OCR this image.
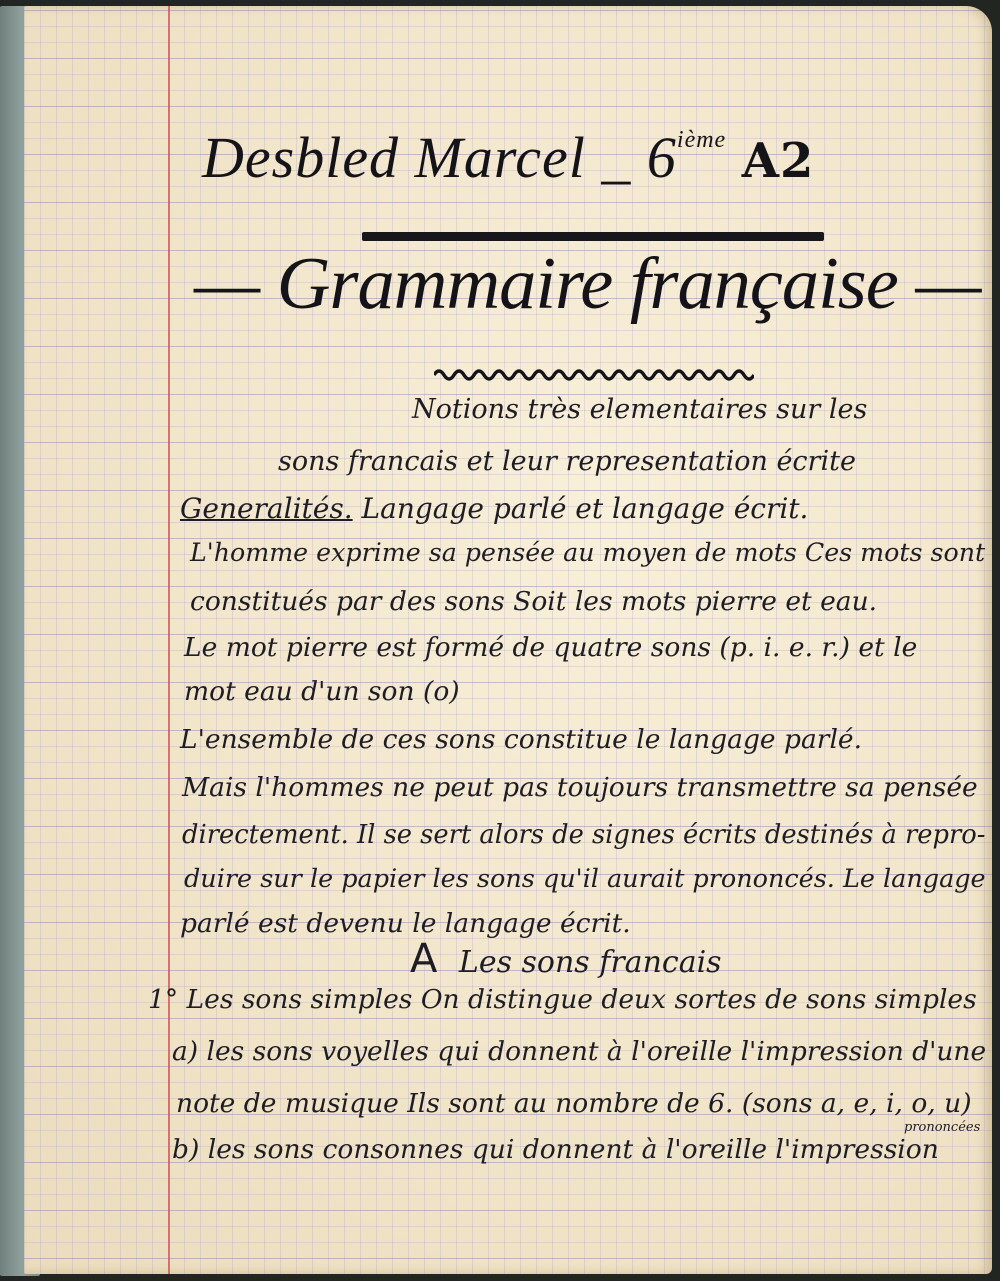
Desbled Marcel _ 6ième A2
— Grammaire française —
Notions très elementaires sur les
sons francais et leur representation écrite
Generalités. Langage parlé et langage écrit.
L'homme exprime sa pensée au moyen de mots Ces mots sont
constitués par des sons Soit les mots pierre et eau.
Le mot pierre est formé de quatre sons (p. i. e. r.) et le
mot eau d'un son (o)
L'ensemble de ces sons constitue le langage parlé.
Mais l'hommes ne peut pas toujours transmettre sa pensée
directement. Il se sert alors de signes écrits destinés à repro-
duire sur le papier les sons qu'il aurait prononcés. Le langage
parlé est devenu le langage écrit.
A Les sons francais
1° Les sons simples On distingue deux sortes de sons simples
a) les sons voyelles qui donnent à l'oreille l'impression d'une
note de musique Ils sont au nombre de 6. (sons a, e, i, o, u)
prononcées
b) les sons consonnes qui donnent à l'oreille l'impression
